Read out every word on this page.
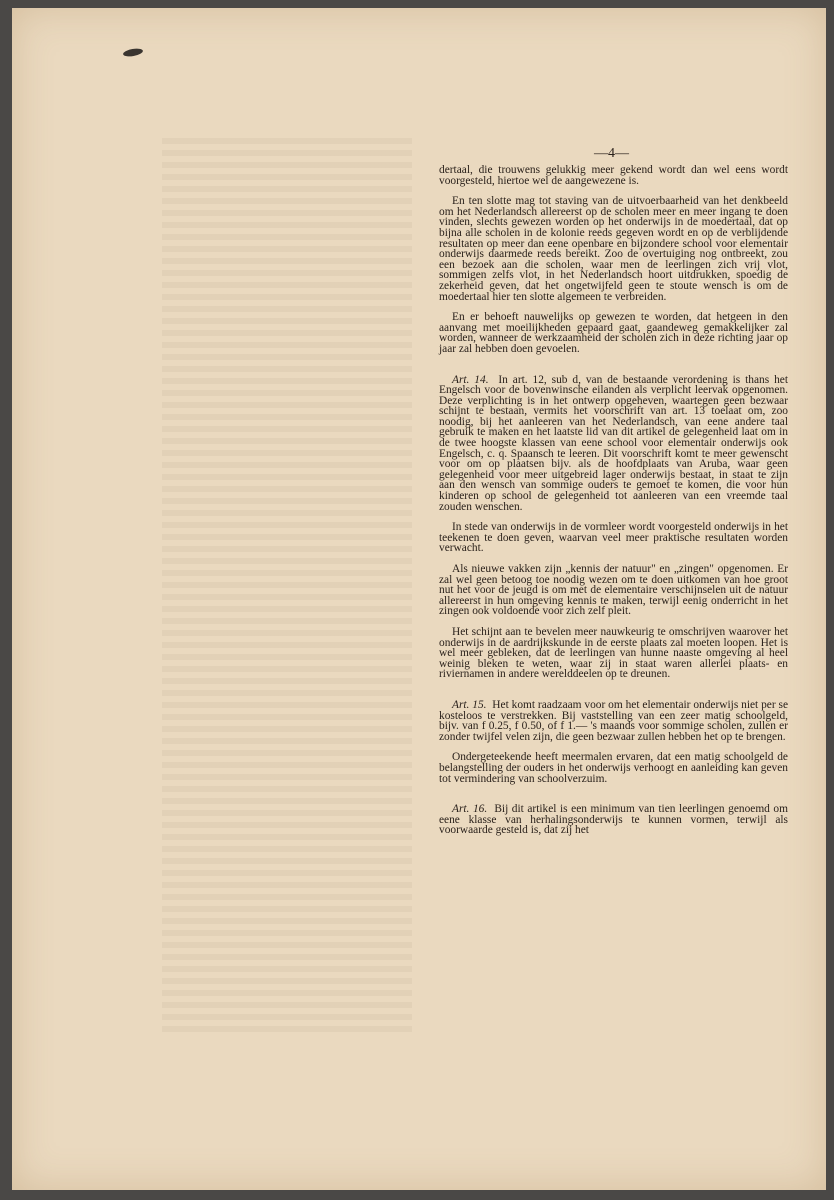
—4—

dertaal, die trouwens gelukkig meer gekend wordt dan wel eens wordt voorgesteld, hiertoe wel de aangewezene is.

En ten slotte mag tot staving van de uitvoerbaarheid van het denkbeeld om het Nederlandsch allereerst op de scholen meer en meer ingang te doen vinden, slechts gewezen worden op het onderwijs in de moedertaal, dat op bijna alle scholen in de kolonie reeds gegeven wordt en op de verblijdende resultaten op meer dan eene openbare en bijzondere school voor elementair onderwijs daarmede reeds bereikt. Zoo de overtuiging nog ontbreekt, zou een bezoek aan die scholen, waar men de leerlingen zich vrij vlot, sommigen zelfs vlot, in het Nederlandsch hoort uitdrukken, spoedig de zekerheid geven, dat het ongetwijfeld geen te stoute wensch is om de moedertaal hier ten slotte algemeen te verbreiden.

En er behoeft nauwelijks op gewezen te worden, dat hetgeen in den aanvang met moeilijkheden gepaard gaat, gaandeweg gemakkelijker zal worden, wanneer de werkzaamheid der scholen zich in deze richting jaar op jaar zal hebben doen gevoelen.

Art. 14. In art. 12, sub d, van de bestaande verordening is thans het Engelsch voor de bovenwinsche eilanden als verplicht leervak opgenomen. Deze verplichting is in het ontwerp opgeheven, waartegen geen bezwaar schijnt te bestaan, vermits het voorschrift van art. 13 toelaat om, zoo noodig, bij het aanleeren van het Nederlandsch, van eene andere taal gebruik te maken en het laatste lid van dit artikel de gelegenheid laat om in de twee hoogste klassen van eene school voor elementair onderwijs ook Engelsch, c. q. Spaansch te leeren. Dit voorschrift komt te meer gewenscht voor om op plaatsen bijv. als de hoofdplaats van Aruba, waar geen gelegenheid voor meer uitgebreid lager onderwijs bestaat, in staat te zijn aan den wensch van sommige ouders te gemoet te komen, die voor hun kinderen op school de gelegenheid tot aanleeren van een vreemde taal zouden wenschen.

In stede van onderwijs in de vormleer wordt voorgesteld onderwijs in het teekenen te doen geven, waarvan veel meer praktische resultaten worden verwacht.

Als nieuwe vakken zijn „kennis der natuur" en „zingen" opgenomen. Er zal wel geen betoog toe noodig wezen om te doen uitkomen van hoe groot nut het voor de jeugd is om met de elementaire verschijnselen uit de natuur allereerst in hun omgeving kennis te maken, terwijl eenig onderricht in het zingen ook voldoende voor zich zelf pleit.

Het schijnt aan te bevelen meer nauwkeurig te omschrijven waarover het onderwijs in de aardrijkskunde in de eerste plaats zal moeten loopen. Het is wel meer gebleken, dat de leerlingen van hunne naaste omgeving al heel weinig bleken te weten, waar zij in staat waren allerlei plaats- en riviernamen in andere werelddeelen op te dreunen.

Art. 15. Het komt raadzaam voor om het elementair onderwijs niet per se kosteloos te verstrekken. Bij vaststelling van een zeer matig schoolgeld, bijv. van f 0.25, f 0.50, of f 1.— 's maands voor sommige scholen, zullen er zonder twijfel velen zijn, die geen bezwaar zullen hebben het op te brengen.

Ondergeteekende heeft meermalen ervaren, dat een matig schoolgeld de belangstelling der ouders in het onderwijs verhoogt en aanleiding kan geven tot vermindering van schoolverzuim.

Art. 16. Bij dit artikel is een minimum van tien leerlingen genoemd om eene klasse van herhalingsonderwijs te kunnen vormen, terwijl als voorwaarde gesteld is, dat zij het
